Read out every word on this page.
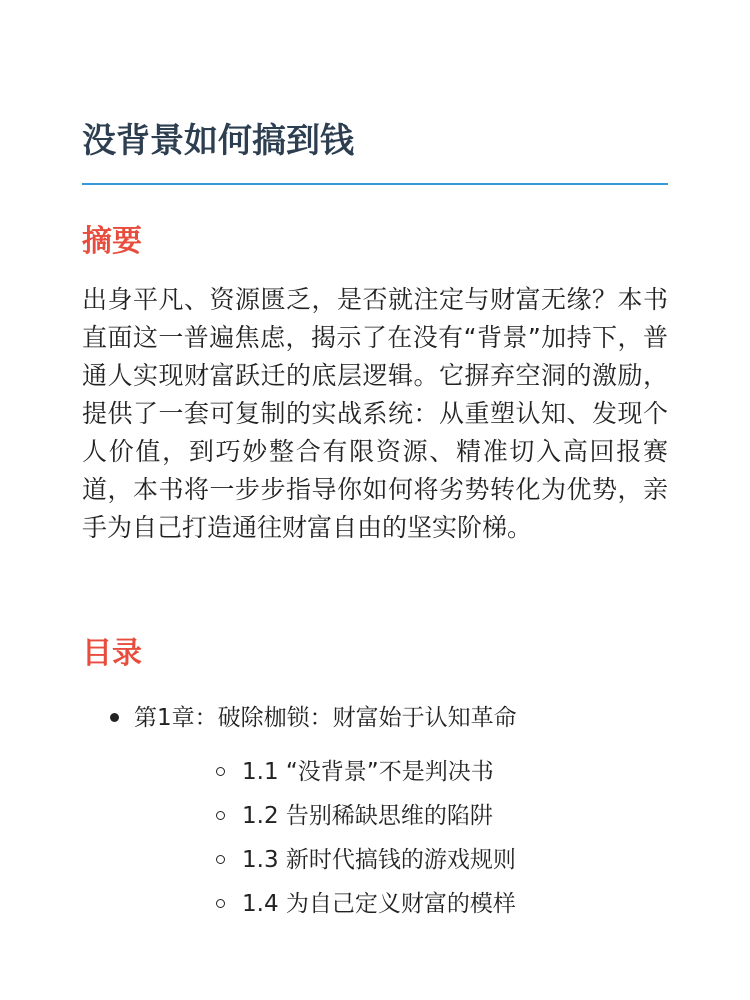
没背景如何搞到钱
摘要

出身平凡、资源匮乏，是否就注定与财富无缘？本书直面这一普遍焦虑，揭示了在没有“背景”加持下，普通人实现财富跃迁的底层逻辑。它摒弃空洞的激励，提供了一套可复制的实战系统：从重塑认知、发现个人价值，到巧妙整合有限资源、精准切入高回报赛道，本书将一步步指导你如何将劣势转化为优势，亲手为自己打造通往财富自由的坚实阶梯。

目录
第1章：破除枷锁：财富始于认知革命
1.1 “没背景”不是判决书
1.2 告别稀缺思维的陷阱
1.3 新时代搞钱的游戏规则
1.4 为自己定义财富的模样
